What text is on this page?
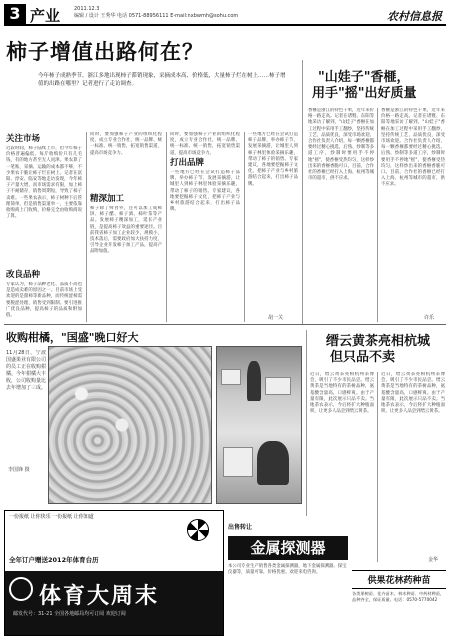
3 产业	2011.12.3
编辑 / 设计 王秀华 电话 0571-88956111 E-mail:nxbwmh@sohu.com	农村信息报
柿子增值出路何在？
今年柿子成熟季节，浙江多地出现柿子滞销现象，采摘成本高、价格低，大量柿子烂在树上……柿子增值的出路在哪里？记者进行了走访调查。
关注市场
近段时间，柿子陆续上市，但今年柿子价格普遍偏低，每斤收购价只有几毛钱，有的地方甚至无人问津。果农算了一笔账，采摘、运输的成本都不够，不少果农干脆让柿子烂在树上。记者在富阳、淳安、临安等地走访发现，今年柿子产量大增，而市场需求有限，加上柿子不耐储存，销售周期短，导致了柿子卖难。一些果农表示，柿子树种下后管理简单，但是销售渠道单一，主要依靠收购商上门收购，价格完全由收购商说了算。
改良品种
专家认为，柿子品种老化、品质不高也是造成卖难的原因之一。目前市场上受欢迎的是甜柿等新品种，而传统涩柿需要脱涩处理，销售受到限制。要引进推广优良品种，提高柿子的品质和附加值。
同时，要加强柿子产业的组织化程度，成立专业合作社，统一品牌、统一标准、统一销售，拓宽销售渠道，提高市场竞争力。
精深加工
柿子除了鲜食外，还可以加工成柿饼、柿子醋、柿子酒、柿叶茶等产品。发展柿子精深加工，延长产业链，是提高柿子效益的重要途径。目前我省柿子加工企业较少，规模小，技术落后，需要政府加大扶持力度，引导企业开发柿子加工产品，提高产品附加值。
同时，要加强柿子产业的组织化程度，成立专业合作社，统一品牌、统一标准、统一销售，拓宽销售渠道，提高市场竞争力。
打出品牌
一些地方已经在尝试打造柿子品牌，举办柿子节，发展采摘游，让城里人到柿子林里体验采摘乐趣，带动了柿子的销售。专家建议，各地要挖掘柿子文化，把柿子产业与乡村旅游结合起来，打出柿子品牌。
一些地方已经在尝试打造柿子品牌，举办柿子节，发展采摘游，让城里人到柿子林里体验采摘乐趣，带动了柿子的销售。专家建议，各地要挖掘柿子文化，把柿子产业与乡村旅游结合起来，打出柿子品牌。
胡一关
"山娃子"香榧，
用手"摇"出好质量
香榧是浙江的特色干果，近年来价格一路走高。记者在诸暨、东阳等地采访了解到，"山娃子"香榧在加工过程中采用手工翻炒，坚持传统工艺，品质优良，深受市场欢迎。合作社负责人介绍，每一颗香榧都要经过精心挑选、后熟、炒制等多道工序，炒制时要用手不停地"摇"，使香榧受热均匀，这样炒出来的香榧香脆可口。目前，合作社的香榧已经打入上海、杭州等城市的超市，供不应求。
香榧是浙江的特色干果，近年来价格一路走高。记者在诸暨、东阳等地采访了解到，"山娃子"香榧在加工过程中采用手工翻炒，坚持传统工艺，品质优良，深受市场欢迎。合作社负责人介绍，每一颗香榧都要经过精心挑选、后熟、炒制等多道工序，炒制时要用手不停地"摇"，使香榧受热均匀，这样炒出来的香榧香脆可口。目前，合作社的香榧已经打入上海、杭州等城市的超市，供不应求。
许乐
收购柑橘，"国盛"晚口好大
11月28日，宁波国盛果业有限公司的员工正在收购柑橘。今年柑橘大丰收，公司收购量比去年增加了三成。
李国锋 摄
缙云黄茶亮相杭城
但只品不卖
近日，缙云黄茶亮相杭州茶博会，吸引了不少市民品尝。缙云黄茶是当地特有的茶树品种，氨基酸含量高，口感鲜爽。由于产量有限，此次展示只品不卖。当地茶农表示，今后将扩大种植面积，让更多人品尝到缙云黄茶。
近日，缙云黄茶亮相杭州茶博会，吸引了不少市民品尝。缙云黄茶是当地特有的茶树品种，氨基酸含量高，口感鲜爽。由于产量有限，此次展示只品不卖。当地茶农表示，今后将扩大种植面积，让更多人品尝到缙云黄茶。
金华
一份报纸 让你快乐 一份报纸 让你知道
全年订户赠送2012年体育台历
体育大周末
邮发代号：31-21 全国各地邮局均可订阅 欢迎订阅
出售转让
金属探测器
本公司专业生产销售各类金属探测器，地下金属探测器、探宝仪器等，质量可靠，价格优惠。欢迎来电咨询。
供果花林药种苗
各类果树苗、花卉苗木、林木种苗、中药材种苗，品种齐全，保证质量。电话：0570-5770042
